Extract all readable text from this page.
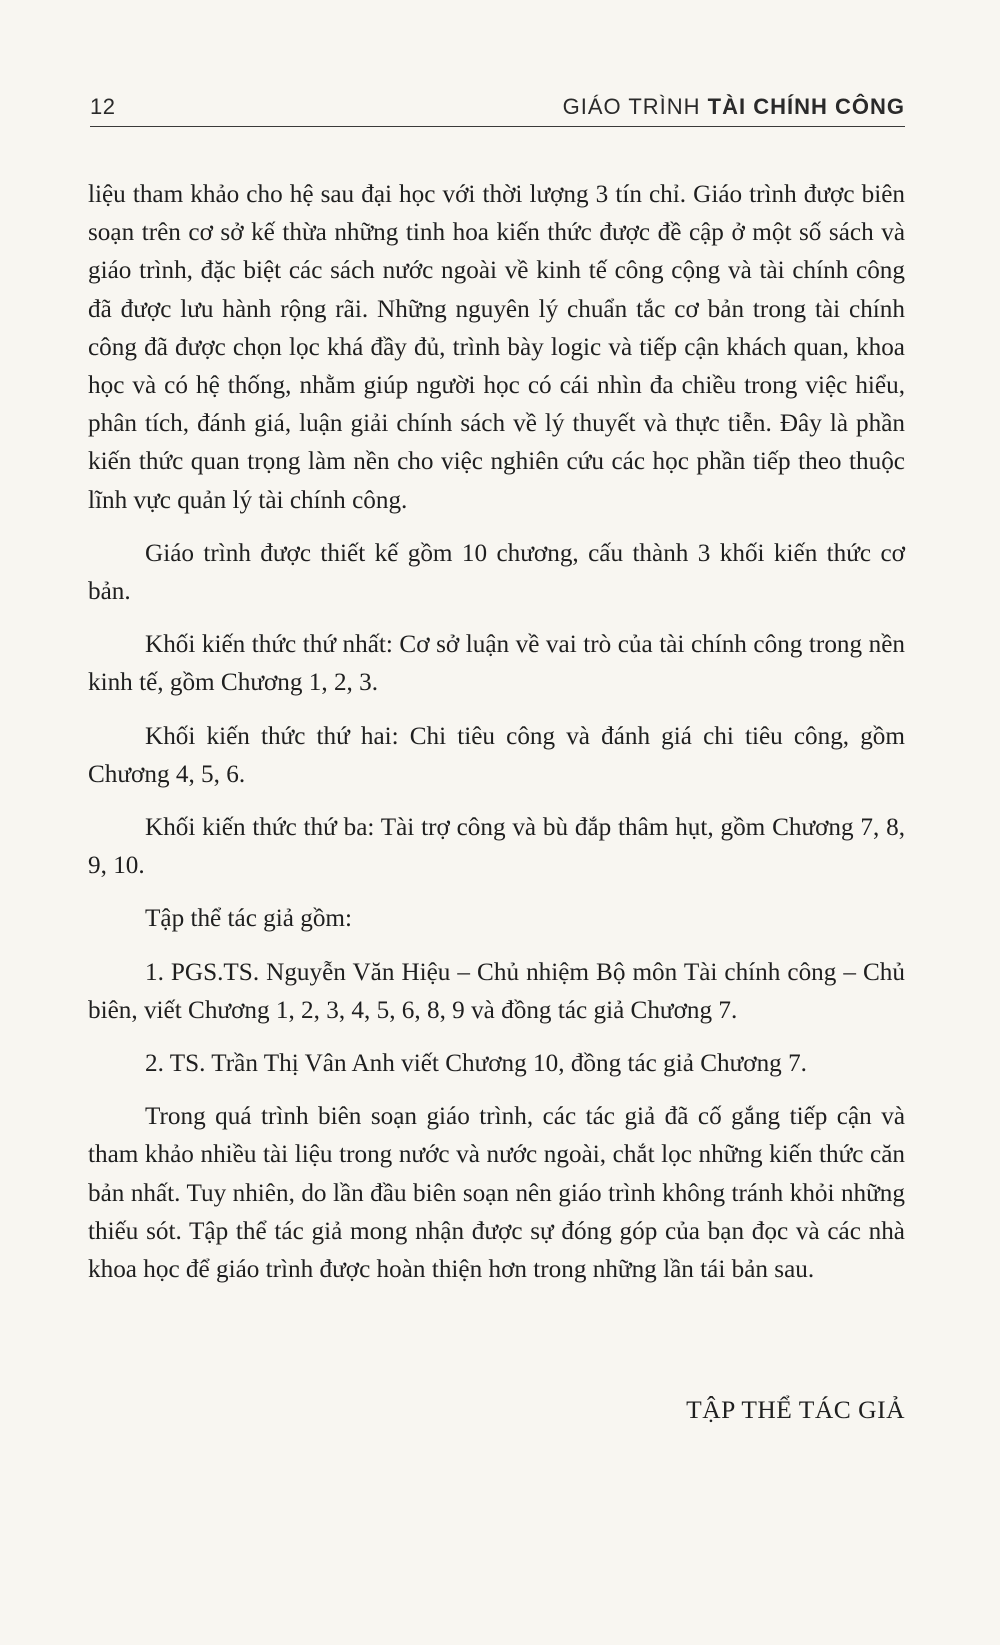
12	GIÁO TRÌNH TÀI CHÍNH CÔNG

liệu tham khảo cho hệ sau đại học với thời lượng 3 tín chỉ. Giáo trình được biên soạn trên cơ sở kế thừa những tinh hoa kiến thức được đề cập ở một số sách và giáo trình, đặc biệt các sách nước ngoài về kinh tế công cộng và tài chính công đã được lưu hành rộng rãi. Những nguyên lý chuẩn tắc cơ bản trong tài chính công đã được chọn lọc khá đầy đủ, trình bày logic và tiếp cận khách quan, khoa học và có hệ thống, nhằm giúp người học có cái nhìn đa chiều trong việc hiểu, phân tích, đánh giá, luận giải chính sách về lý thuyết và thực tiễn. Đây là phần kiến thức quan trọng làm nền cho việc nghiên cứu các học phần tiếp theo thuộc lĩnh vực quản lý tài chính công.

Giáo trình được thiết kế gồm 10 chương, cấu thành 3 khối kiến thức cơ bản.

Khối kiến thức thứ nhất: Cơ sở luận về vai trò của tài chính công trong nền kinh tế, gồm Chương 1, 2, 3.

Khối kiến thức thứ hai: Chi tiêu công và đánh giá chi tiêu công, gồm Chương 4, 5, 6.

Khối kiến thức thứ ba: Tài trợ công và bù đắp thâm hụt, gồm Chương 7, 8, 9, 10.

Tập thể tác giả gồm:

1. PGS.TS. Nguyễn Văn Hiệu – Chủ nhiệm Bộ môn Tài chính công – Chủ biên, viết Chương 1, 2, 3, 4, 5, 6, 8, 9 và đồng tác giả Chương 7.

2. TS. Trần Thị Vân Anh viết Chương 10, đồng tác giả Chương 7.

Trong quá trình biên soạn giáo trình, các tác giả đã cố gắng tiếp cận và tham khảo nhiều tài liệu trong nước và nước ngoài, chắt lọc những kiến thức căn bản nhất. Tuy nhiên, do lần đầu biên soạn nên giáo trình không tránh khỏi những thiếu sót. Tập thể tác giả mong nhận được sự đóng góp của bạn đọc và các nhà khoa học để giáo trình được hoàn thiện hơn trong những lần tái bản sau.

TẬP THỂ TÁC GIẢ
